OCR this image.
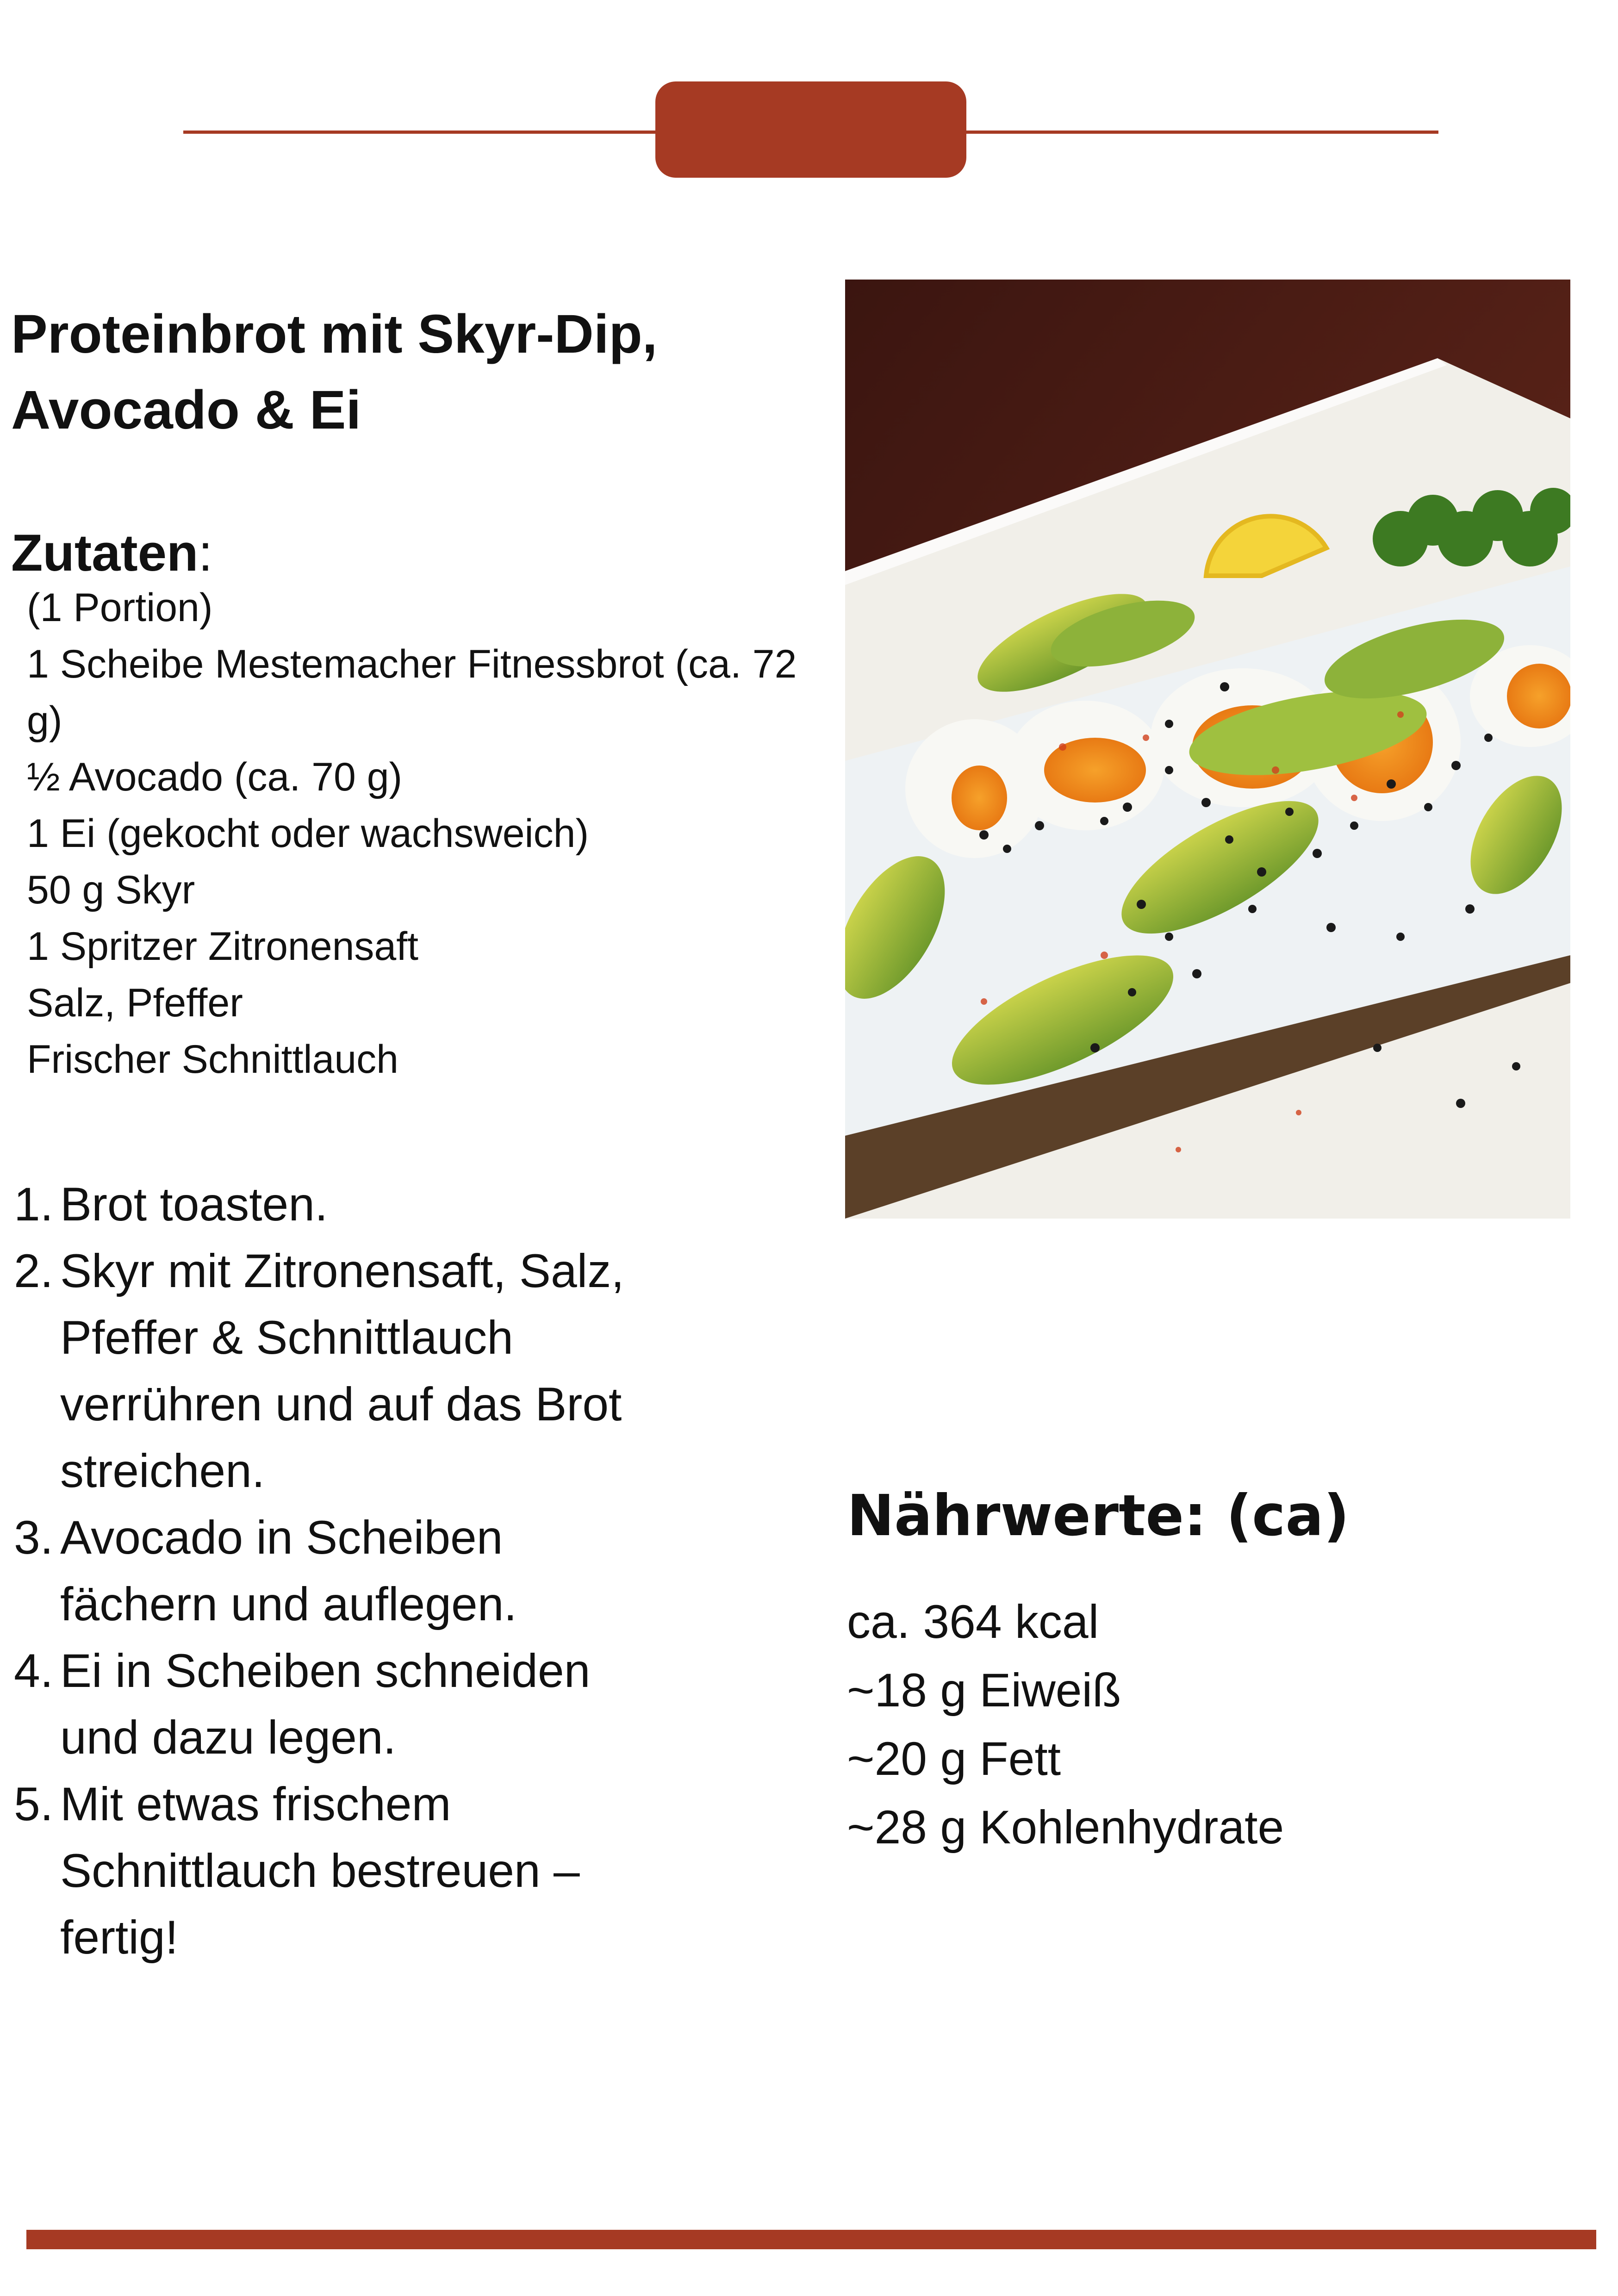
Proteinbrot mit Skyr-Dip, Avocado & Ei
Zutaten:
(1 Portion)
1 Scheibe Mestemacher Fitnessbrot (ca. 72 g)
½ Avocado (ca. 70 g)
1 Ei (gekocht oder wachsweich)
50 g Skyr
1 Spritzer Zitronensaft
Salz, Pfeffer
Frischer Schnittlauch
1. Brot toasten.
2. Skyr mit Zitronensaft, Salz, Pfeffer & Schnittlauch verrühren und auf das Brot streichen.
3. Avocado in Scheiben fächern und auflegen.
4. Ei in Scheiben schneiden und dazu legen.
5. Mit etwas frischem Schnittlauch bestreuen – fertig!
Nährwerte: (ca)
ca. 364 kcal
~18 g Eiweiß
~20 g Fett
~28 g Kohlenhydrate
